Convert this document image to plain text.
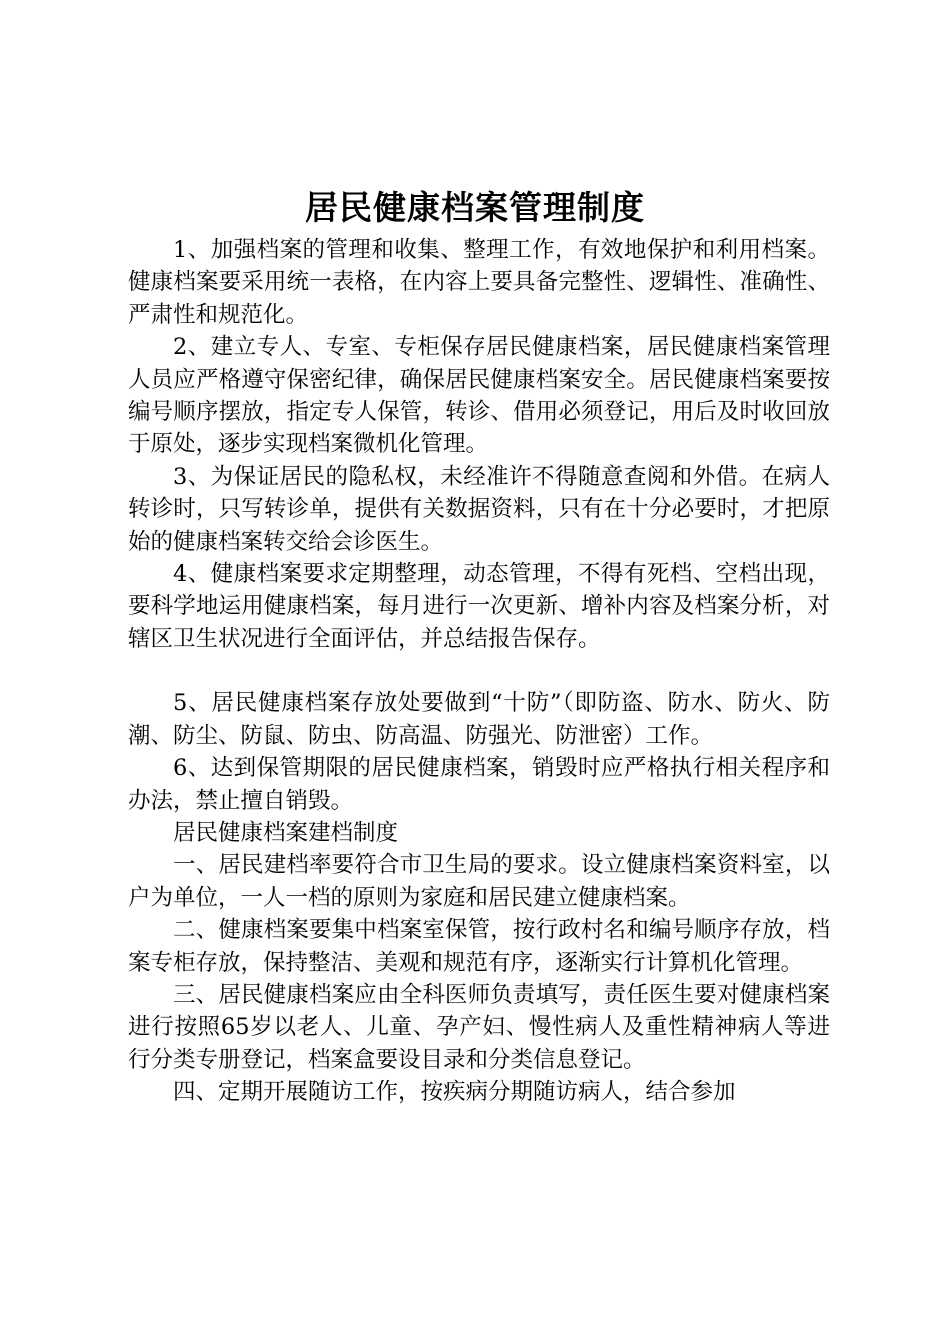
居民健康档案管理制度

1、加强档案的管理和收集、整理工作，有效地保护和利用档案。健康档案要采用统一表格，在内容上要具备完整性、逻辑性、准确性、严肃性和规范化。

2、建立专人、专室、专柜保存居民健康档案，居民健康档案管理人员应严格遵守保密纪律，确保居民健康档案安全。居民健康档案要按编号顺序摆放，指定专人保管，转诊、借用必须登记，用后及时收回放于原处，逐步实现档案微机化管理。

3、为保证居民的隐私权，未经准许不得随意查阅和外借。在病人转诊时，只写转诊单，提供有关数据资料，只有在十分必要时，才把原始的健康档案转交给会诊医生。

4、健康档案要求定期整理，动态管理，不得有死档、空档出现，要科学地运用健康档案，每月进行一次更新、增补内容及档案分析，对辖区卫生状况进行全面评估，并总结报告保存。

5、居民健康档案存放处要做到“十防”（即防盗、防水、防火、防潮、防尘、防鼠、防虫、防高温、防强光、防泄密）工作。

6、达到保管期限的居民健康档案，销毁时应严格执行相关程序和办法，禁止擅自销毁。

居民健康档案建档制度

一、居民建档率要符合市卫生局的要求。设立健康档案资料室，以户为单位，一人一档的原则为家庭和居民建立健康档案。

二、健康档案要集中档案室保管，按行政村名和编号顺序存放，档案专柜存放，保持整洁、美观和规范有序，逐渐实行计算机化管理。

三、居民健康档案应由全科医师负责填写，责任医生要对健康档案进行按照65岁以老人、儿童、孕产妇、慢性病人及重性精神病人等进行分类专册登记，档案盒要设目录和分类信息登记。

四、定期开展随访工作，按疾病分期随访病人，结合参加
